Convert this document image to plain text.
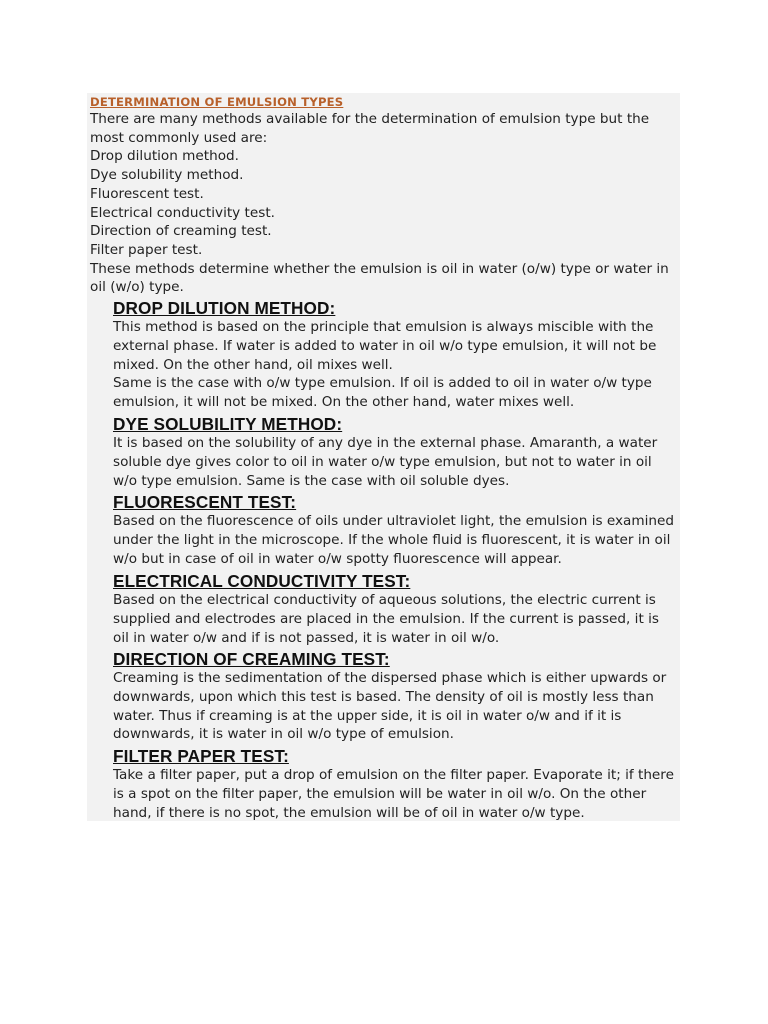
DETERMINATION OF EMULSION TYPES

There are many methods available for the determination of emulsion type but the most commonly used are:

Drop dilution method.

Dye solubility method.

Fluorescent test.

Electrical conductivity test.

Direction of creaming test.

Filter paper test.

These methods determine whether the emulsion is oil in water (o/w) type or water in oil (w/o) type.

DROP DILUTION METHOD:

This method is based on the principle that emulsion is always miscible with the external phase. If water is added to water in oil w/o type emulsion, it will not be mixed. On the other hand, oil mixes well.

Same is the case with o/w type emulsion. If oil is added to oil in water o/w type emulsion, it will not be mixed. On the other hand, water mixes well.

DYE SOLUBILITY METHOD:

It is based on the solubility of any dye in the external phase. Amaranth, a water soluble dye gives color to oil in water o/w type emulsion, but not to water in oil w/o type emulsion. Same is the case with oil soluble dyes.

FLUORESCENT TEST:

Based on the fluorescence of oils under ultraviolet light, the emulsion is examined under the light in the microscope. If the whole fluid is fluorescent, it is water in oil w/o but in case of oil in water o/w spotty fluorescence will appear.

ELECTRICAL CONDUCTIVITY TEST:

Based on the electrical conductivity of aqueous solutions, the electric current is supplied and electrodes are placed in the emulsion. If the current is passed, it is oil in water o/w and if is not passed, it is water in oil w/o.

DIRECTION OF CREAMING TEST:

Creaming is the sedimentation of the dispersed phase which is either upwards or downwards, upon which this test is based. The density of oil is mostly less than water. Thus if creaming is at the upper side, it is oil in water o/w and if it is downwards, it is water in oil w/o type of emulsion.

FILTER PAPER TEST:

Take a filter paper, put a drop of emulsion on the filter paper. Evaporate it; if there is a spot on the filter paper, the emulsion will be water in oil w/o. On the other hand, if there is no spot, the emulsion will be of oil in water o/w type.
